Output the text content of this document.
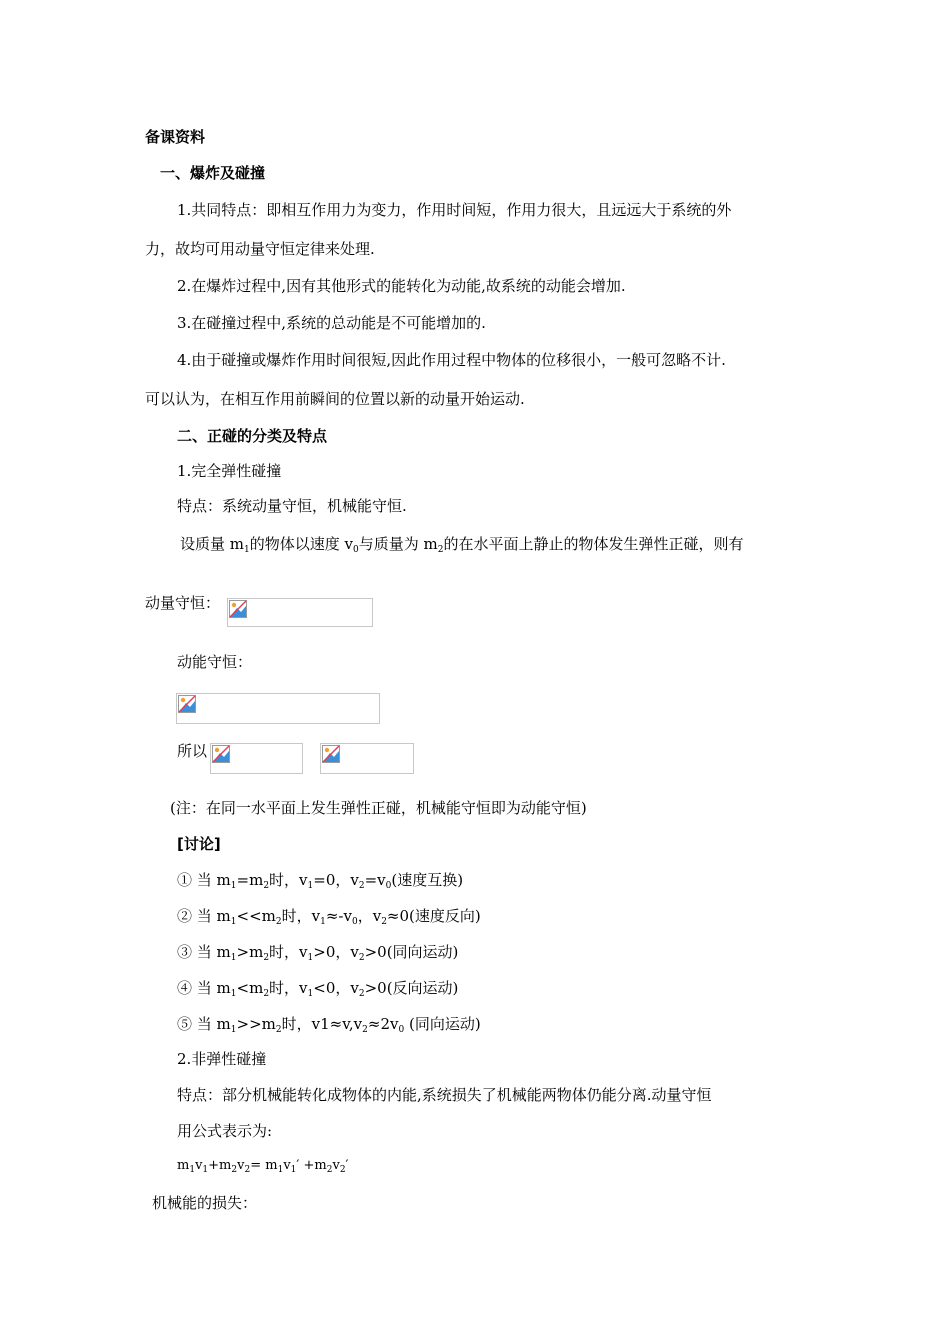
备课资料
一、爆炸及碰撞
1.共同特点：即相互作用力为变力，作用时间短，作用力很大，且远远大于系统的外
力，故均可用动量守恒定律来处理.
2.在爆炸过程中,因有其他形式的能转化为动能,故系统的动能会增加.
3.在碰撞过程中,系统的总动能是不可能增加的.
4.由于碰撞或爆炸作用时间很短,因此作用过程中物体的位移很小，一般可忽略不计.
可以认为，在相互作用前瞬间的位置以新的动量开始运动.
二、正碰的分类及特点
1.完全弹性碰撞
特点：系统动量守恒，机械能守恒.
设质量 $m_1$的物体以速度 $v_0$与质量为 $m_2$的在水平面上静止的物体发生弹性正碰，则有
动量守恒：
动能守恒：
所以
(注：在同一水平面上发生弹性正碰，机械能守恒即为动能守恒)
[讨论]
① 当 $m_1=m_2$时，$v_1=0$，$v_2=v_0$(速度互换)
② 当 $m_1<<m_2$时，$v_1\approx-v_0$，$v_2\approx 0$(速度反向)
③ 当 $m_1>m_2$时，$v_1>0$，$v_2>0$(同向运动)
④ 当 $m_1<m_2$时，$v_1<0$，$v_2>0$(反向运动)
⑤ 当 $m_1>>m_2$时，$v1\approx v,v_2\approx 2v_0$ (同向运动)
2.非弹性碰撞
特点：部分机械能转化成物体的内能,系统损失了机械能两物体仍能分离.动量守恒
用公式表示为:
$m_1v_1+m_2v_2= m_1v_1' +m_2v_2'$
机械能的损失：
